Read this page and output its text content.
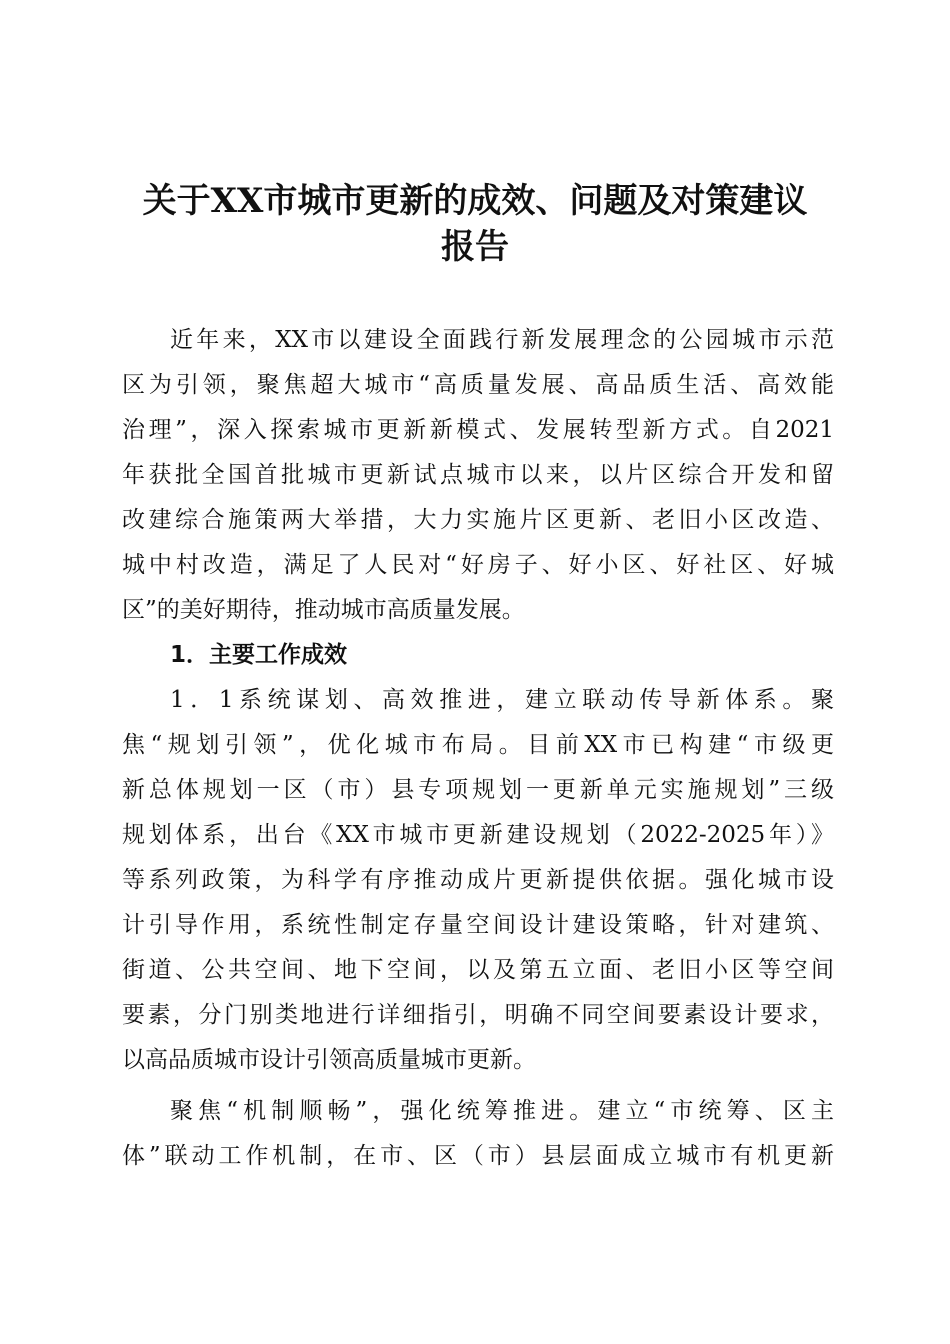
关于XX市城市更新的成效、问题及对策建议
报告
近年来，XX市以建设全面践行新发展理念的公园城市示范
区为引领，聚焦超大城市“高质量发展、高品质生活、高效能
治理”，深入探索城市更新新模式、发展转型新方式。自2021
年获批全国首批城市更新试点城市以来，以片区综合开发和留
改建综合施策两大举措，大力实施片区更新、老旧小区改造、
城中村改造，满足了人民对“好房子、好小区、好社区、好城
区”的美好期待，推动城市高质量发展。
1．主要工作成效
1．1系统谋划、高效推进，建立联动传导新体系。聚
焦“规划引领”，优化城市布局。目前XX市已构建“市级更
新总体规划一区（市）县专项规划一更新单元实施规划”三级
规划体系，出台《XX市城市更新建设规划（2022-2025年）》
等系列政策，为科学有序推动成片更新提供依据。强化城市设
计引导作用，系统性制定存量空间设计建设策略，针对建筑、
街道、公共空间、地下空间，以及第五立面、老旧小区等空间
要素，分门别类地进行详细指引，明确不同空间要素设计要求，
以高品质城市设计引领高质量城市更新。
聚焦“机制顺畅”，强化统筹推进。建立“市统筹、区主
体”联动工作机制，在市、区（市）县层面成立城市有机更新
